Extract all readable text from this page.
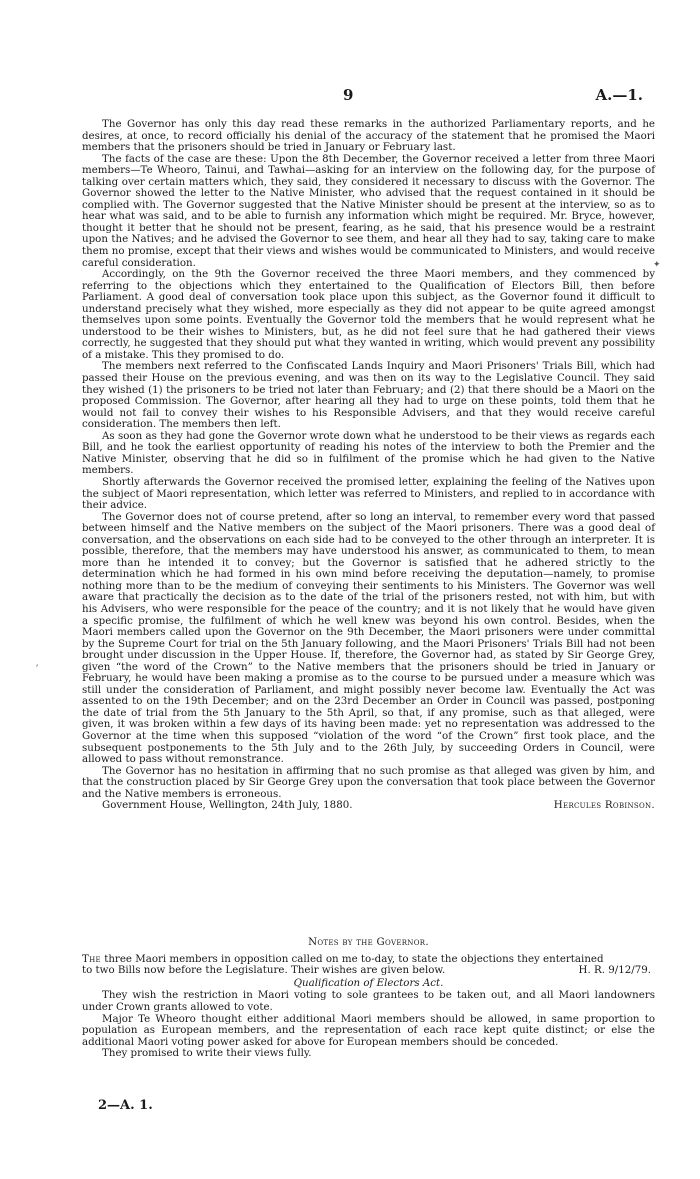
9	A.—1.

The Governor has only this day read these remarks in the authorized Parliamentary reports, and he desires, at once, to record officially his denial of the accuracy of the statement that he promised the Maori members that the prisoners should be tried in January or February last.

The facts of the case are these: Upon the 8th December, the Governor received a letter from three Maori members—Te Wheoro, Tainui, and Tawhai—asking for an interview on the following day, for the purpose of talking over certain matters which, they said, they considered it necessary to discuss with the Governor. The Governor showed the letter to the Native Minister, who advised that the request contained in it should be complied with. The Governor suggested that the Native Minister should be present at the interview, so as to hear what was said, and to be able to furnish any information which might be required. Mr. Bryce, however, thought it better that he should not be present, fearing, as he said, that his presence would be a restraint upon the Natives; and he advised the Governor to see them, and hear all they had to say, taking care to make them no promise, except that their views and wishes would be communicated to Ministers, and would receive careful consideration.

Accordingly, on the 9th the Governor received the three Maori members, and they commenced by referring to the objections which they entertained to the Qualification of Electors Bill, then before Parliament. A good deal of conversation took place upon this subject, as the Governor found it difficult to understand precisely what they wished, more especially as they did not appear to be quite agreed amongst themselves upon some points. Eventually the Governor told the members that he would represent what he understood to be their wishes to Ministers, but, as he did not feel sure that he had gathered their views correctly, he suggested that they should put what they wanted in writing, which would prevent any possibility of a mistake. This they promised to do.

The members next referred to the Confiscated Lands Inquiry and Maori Prisoners' Trials Bill, which had passed their House on the previous evening, and was then on its way to the Legislative Council. They said they wished (1) the prisoners to be tried not later than February; and (2) that there should be a Maori on the proposed Commission. The Governor, after hearing all they had to urge on these points, told them that he would not fail to convey their wishes to his Responsible Advisers, and that they would receive careful consideration. The members then left.

As soon as they had gone the Governor wrote down what he understood to be their views as regards each Bill, and he took the earliest opportunity of reading his notes of the interview to both the Premier and the Native Minister, observing that he did so in fulfilment of the promise which he had given to the Native members.

Shortly afterwards the Governor received the promised letter, explaining the feeling of the Natives upon the subject of Maori representation, which letter was referred to Ministers, and replied to in accordance with their advice.

The Governor does not of course pretend, after so long an interval, to remember every word that passed between himself and the Native members on the subject of the Maori prisoners. There was a good deal of conversation, and the observations on each side had to be conveyed to the other through an interpreter. It is possible, therefore, that the members may have understood his answer, as communicated to them, to mean more than he intended it to convey; but the Governor is satisfied that he adhered strictly to the determination which he had formed in his own mind before receiving the deputation—namely, to promise nothing more than to be the medium of conveying their sentiments to his Ministers. The Governor was well aware that practically the decision as to the date of the trial of the prisoners rested, not with him, but with his Advisers, who were responsible for the peace of the country; and it is not likely that he would have given a specific promise, the fulfilment of which he well knew was beyond his own control. Besides, when the Maori members called upon the Governor on the 9th December, the Maori prisoners were under committal by the Supreme Court for trial on the 5th January following, and the Maori Prisoners' Trials Bill had not been brought under discussion in the Upper House. If, therefore, the Governor had, as stated by Sir George Grey, given “the word of the Crown” to the Native members that the prisoners should be tried in January or February, he would have been making a promise as to the course to be pursued under a measure which was still under the consideration of Parliament, and might possibly never become law. Eventually the Act was assented to on the 19th December; and on the 23rd December an Order in Council was passed, postponing the date of trial from the 5th January to the 5th April, so that, if any promise, such as that alleged, were given, it was broken within a few days of its having been made: yet no representation was addressed to the Governor at the time when this supposed “violation of the word “of the Crown” first took place, and the subsequent postponements to the 5th July and to the 26th July, by succeeding Orders in Council, were allowed to pass without remonstrance.

The Governor has no hesitation in affirming that no such promise as that alleged was given by him, and that the construction placed by Sir George Grey upon the conversation that took place between the Governor and the Native members is erroneous.

Government House, Wellington, 24th July, 1880.	Hercules Robinson.
Notes by the Governor.
The three Maori members in opposition called on me to-day, to state the objections they entertained
to two Bills now before the Legislature. Their wishes are given below.	H. R. 9/12/79.
Qualification of Electors Act.

They wish the restriction in Maori voting to sole grantees to be taken out, and all Maori landowners under Crown grants allowed to vote.

Major Te Wheoro thought either additional Maori members should be allowed, in same proportion to population as European members, and the representation of each race kept quite distinct; or else the additional Maori voting power asked for above for European members should be conceded.

They promised to write their views fully.

2—A. 1.
✦
⸴
